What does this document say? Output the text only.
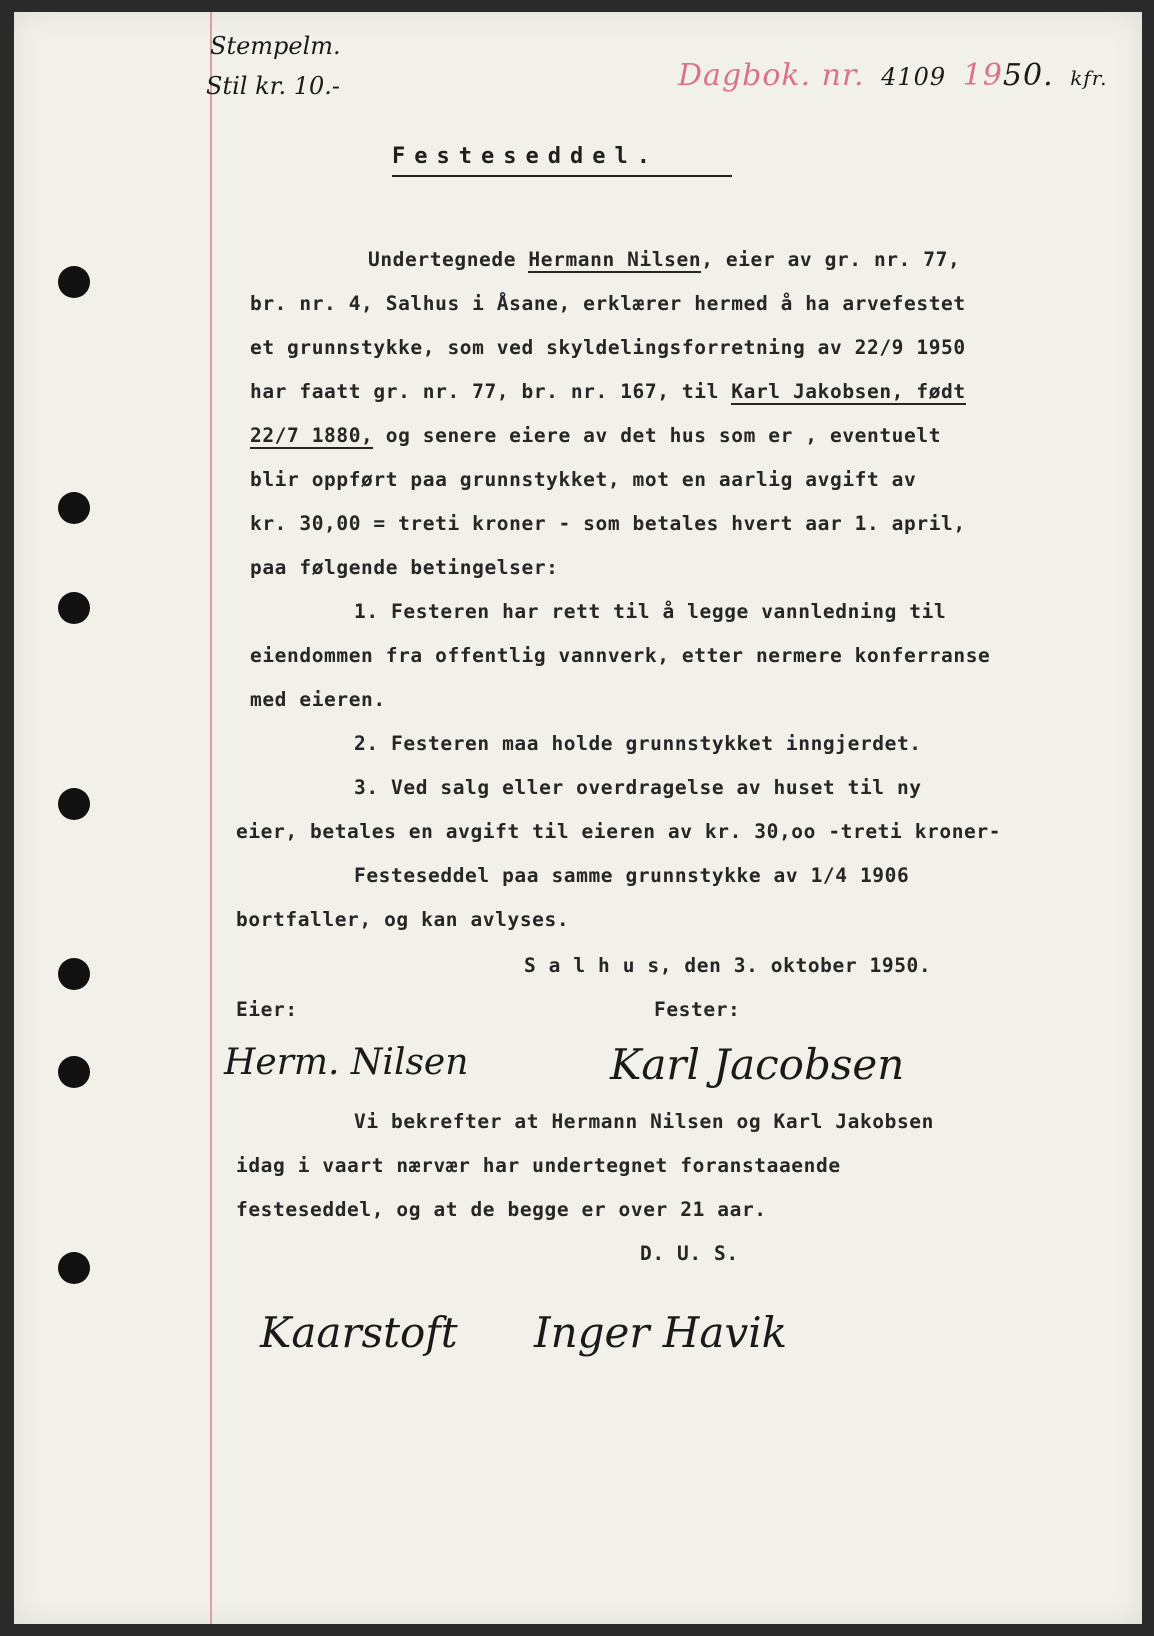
Stempelm.
Stil kr. 10.-	Dagbok. nr. 4109 1950. kfr.
Festeseddel.
Undertegnede Hermann Nilsen, eier av gr. nr. 77,
br. nr. 4, Salhus i Åsane, erklærer hermed å ha arvefestet
et grunnstykke, som ved skyldelingsforretning av 22/9 1950
har faatt gr. nr. 77, br. nr. 167, til Karl Jakobsen, født
22/7 1880, og senere eiere av det hus som er , eventuelt
blir oppført paa grunnstykket, mot en aarlig avgift av
kr. 30,00 = treti kroner - som betales hvert aar 1. april,
paa følgende betingelser:
1. Festeren har rett til å legge vannledning til
eiendommen fra offentlig vannverk, etter nermere konferranse
med eieren.
2. Festeren maa holde grunnstykket inngjerdet.
3. Ved salg eller overdragelse av huset til ny
eier, betales en avgift til eieren av kr. 30,oo -treti kroner-
Festeseddel paa samme grunnstykke av 1/4 1906
bortfaller, og kan avlyses.
S a l h u s, den 3. oktober 1950.
Eier:	Fester:
Herm. Nilsen	Karl Jacobsen
Vi bekrefter at Hermann Nilsen og Karl Jakobsen
idag i vaart nærvær har undertegnet foranstaaende
festeseddel, og at de begge er over 21 aar.
D. U. S.
Kaarstoft Inger Havik
